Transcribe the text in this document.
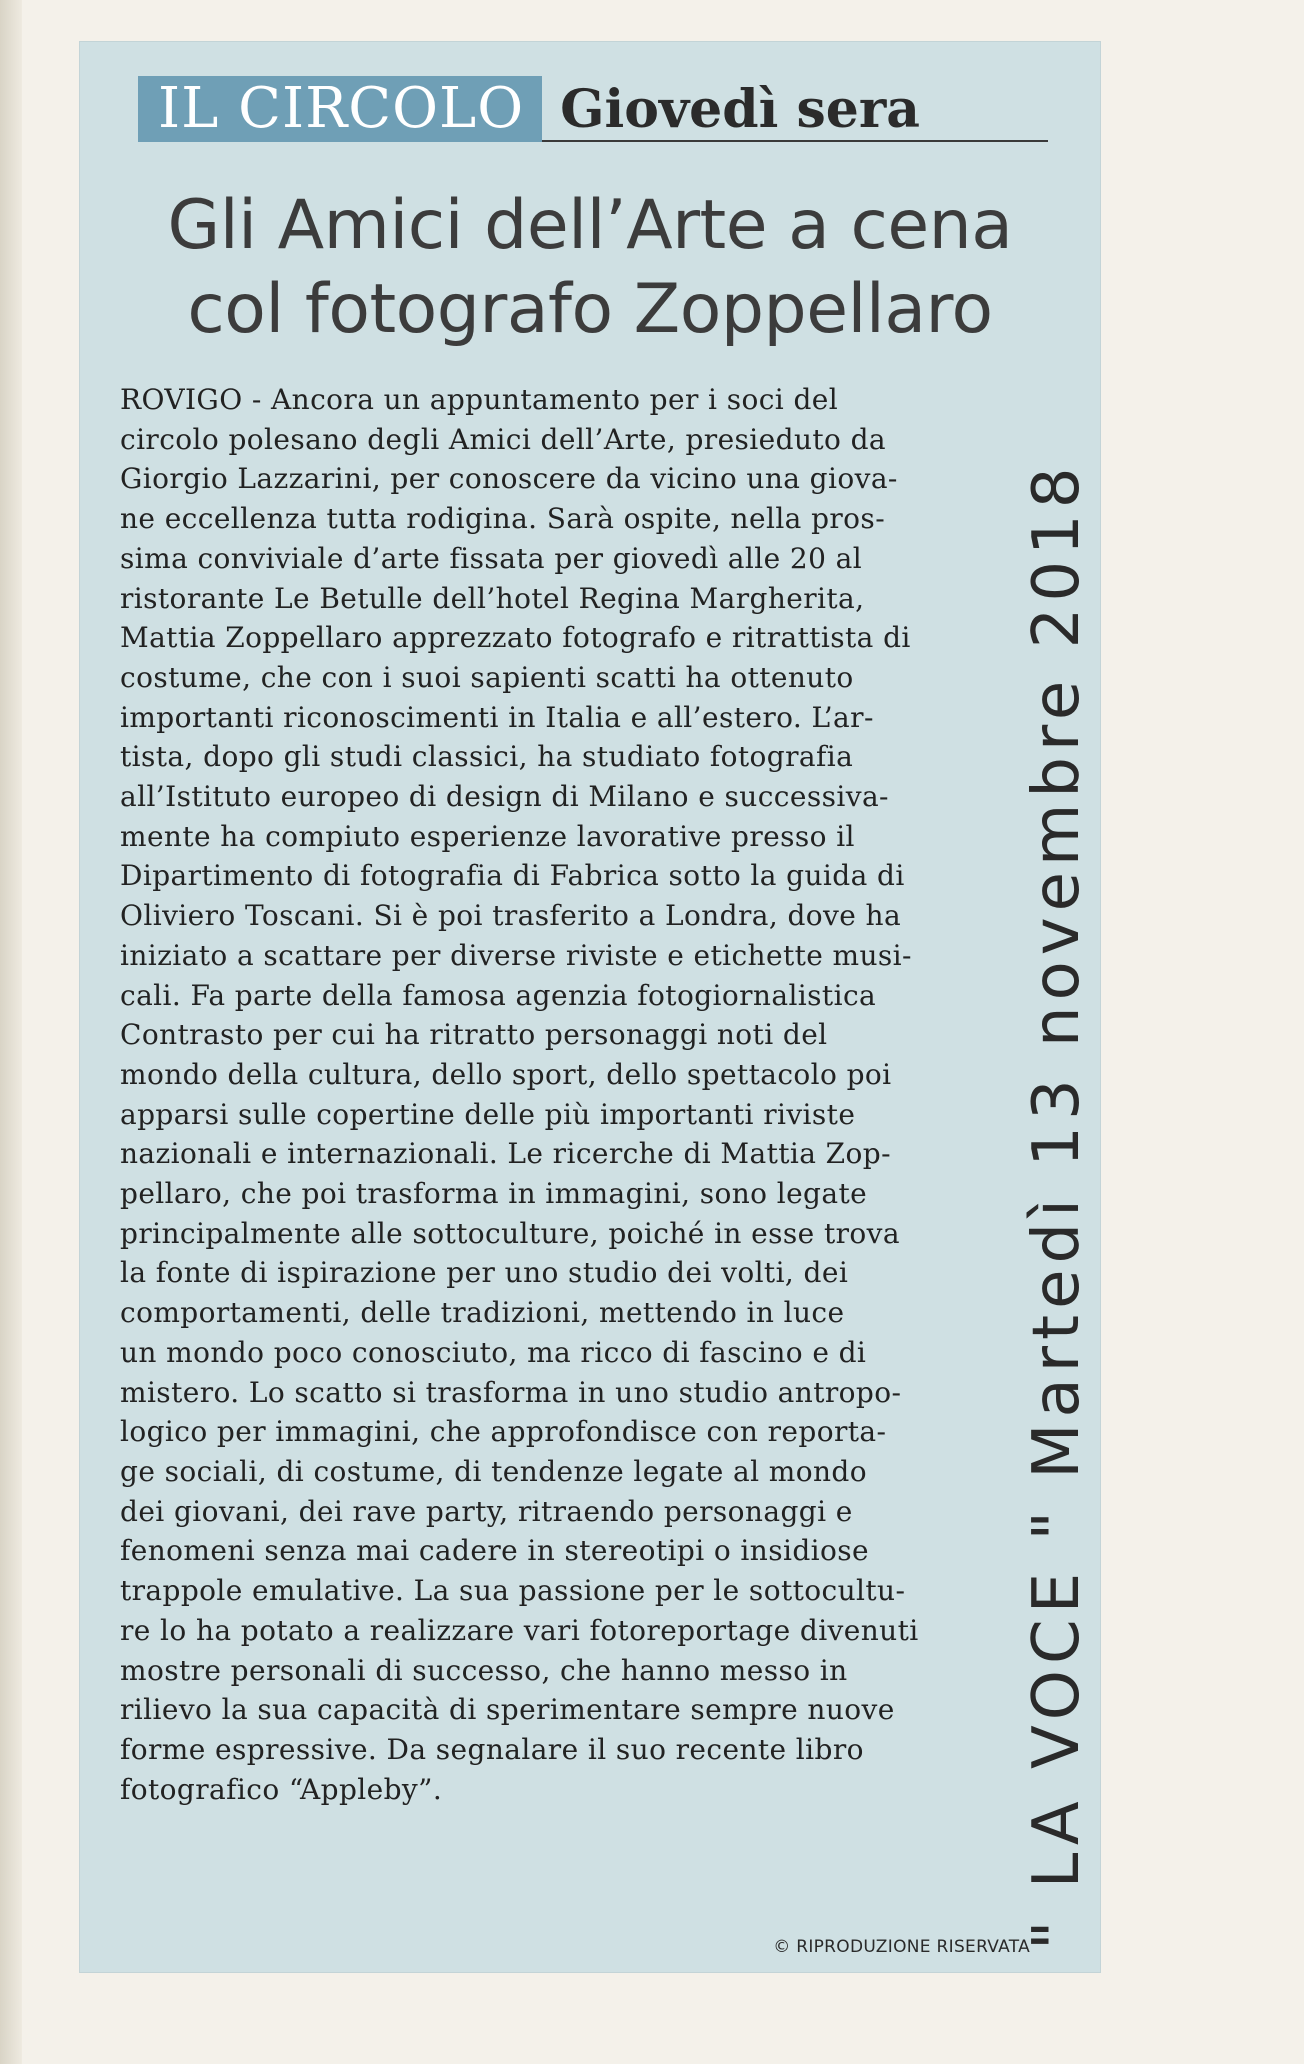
IL CIRCOLO Giovedì sera
Gli Amici dell’Arte a cena
col fotografo Zoppellaro
ROVIGO - Ancora un appuntamento per i soci del
circolo polesano degli Amici dell’Arte, presieduto da
Giorgio Lazzarini, per conoscere da vicino una giova-
ne eccellenza tutta rodigina. Sarà ospite, nella pros-
sima conviviale d’arte fissata per giovedì alle 20 al
ristorante Le Betulle dell’hotel Regina Margherita,
Mattia Zoppellaro apprezzato fotografo e ritrattista di
costume, che con i suoi sapienti scatti ha ottenuto
importanti riconoscimenti in Italia e all’estero. L’ar-
tista, dopo gli studi classici, ha studiato fotografia
all’Istituto europeo di design di Milano e successiva-
mente ha compiuto esperienze lavorative presso il
Dipartimento di fotografia di Fabrica sotto la guida di
Oliviero Toscani. Si è poi trasferito a Londra, dove ha
iniziato a scattare per diverse riviste e etichette musi-
cali. Fa parte della famosa agenzia fotogiornalistica
Contrasto per cui ha ritratto personaggi noti del
mondo della cultura, dello sport, dello spettacolo poi
apparsi sulle copertine delle più importanti riviste
nazionali e internazionali. Le ricerche di Mattia Zop-
pellaro, che poi trasforma in immagini, sono legate
principalmente alle sottoculture, poiché in esse trova
la fonte di ispirazione per uno studio dei volti, dei
comportamenti, delle tradizioni, mettendo in luce
un mondo poco conosciuto, ma ricco di fascino e di
mistero. Lo scatto si trasforma in uno studio antropo-
logico per immagini, che approfondisce con reporta-
ge sociali, di costume, di tendenze legate al mondo
dei giovani, dei rave party, ritraendo personaggi e
fenomeni senza mai cadere in stereotipi o insidiose
trappole emulative. La sua passione per le sottocultu-
re lo ha potato a realizzare vari fotoreportage divenuti
mostre personali di successo, che hanno messo in
rilievo la sua capacità di sperimentare sempre nuove
forme espressive. Da segnalare il suo recente libro
fotografico “Appleby”.
© RIPRODUZIONE RISERVATA
" LA VOCE " Martedì 13 novembre 2018
